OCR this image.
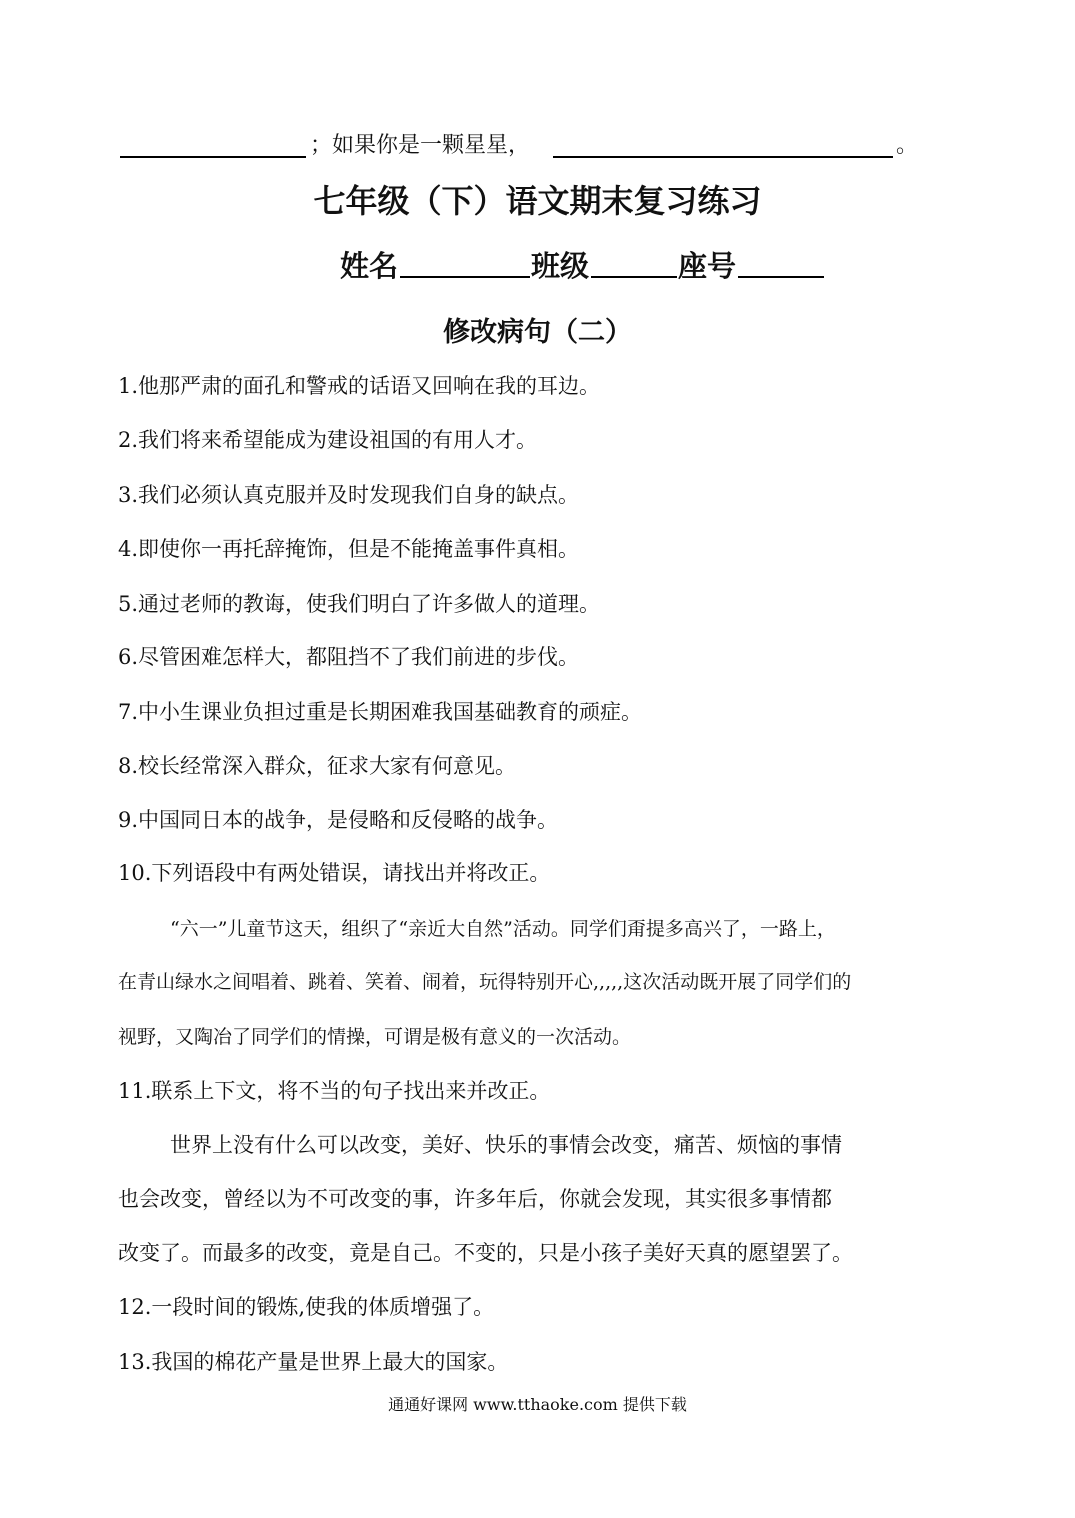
；如果你是一颗星星，	。
七年级（下）语文期末复习练习
姓名	班级	座号
修改病句（二）
1.他那严肃的面孔和警戒的话语又回响在我的耳边。
2.我们将来希望能成为建设祖国的有用人才。
3.我们必须认真克服并及时发现我们自身的缺点。
4.即使你一再托辞掩饰，但是不能掩盖事件真相。
5.通过老师的教诲，使我们明白了许多做人的道理。
6.尽管困难怎样大，都阻挡不了我们前进的步伐。
7.中小生课业负担过重是长期困难我国基础教育的顽症。
8.校长经常深入群众，征求大家有何意见。
9.中国同日本的战争，是侵略和反侵略的战争。
10.下列语段中有两处错误，请找出并将改正。
“六一”儿童节这天，组织了“亲近大自然”活动。同学们甭提多高兴了，一路上，
在青山绿水之间唱着、跳着、笑着、闹着，玩得特别开心,,,,,这次活动既开展了同学们的
视野，又陶冶了同学们的情操，可谓是极有意义的一次活动。
11.联系上下文，将不当的句子找出来并改正。
世界上没有什么可以改变，美好、快乐的事情会改变，痛苦、烦恼的事情
也会改变，曾经以为不可改变的事，许多年后，你就会发现，其实很多事情都
改变了。而最多的改变，竟是自己。不变的，只是小孩子美好天真的愿望罢了。
12.一段时间的锻炼,使我的体质增强了。
13.我国的棉花产量是世界上最大的国家。
通通好课网 www.tthaoke.com 提供下载
